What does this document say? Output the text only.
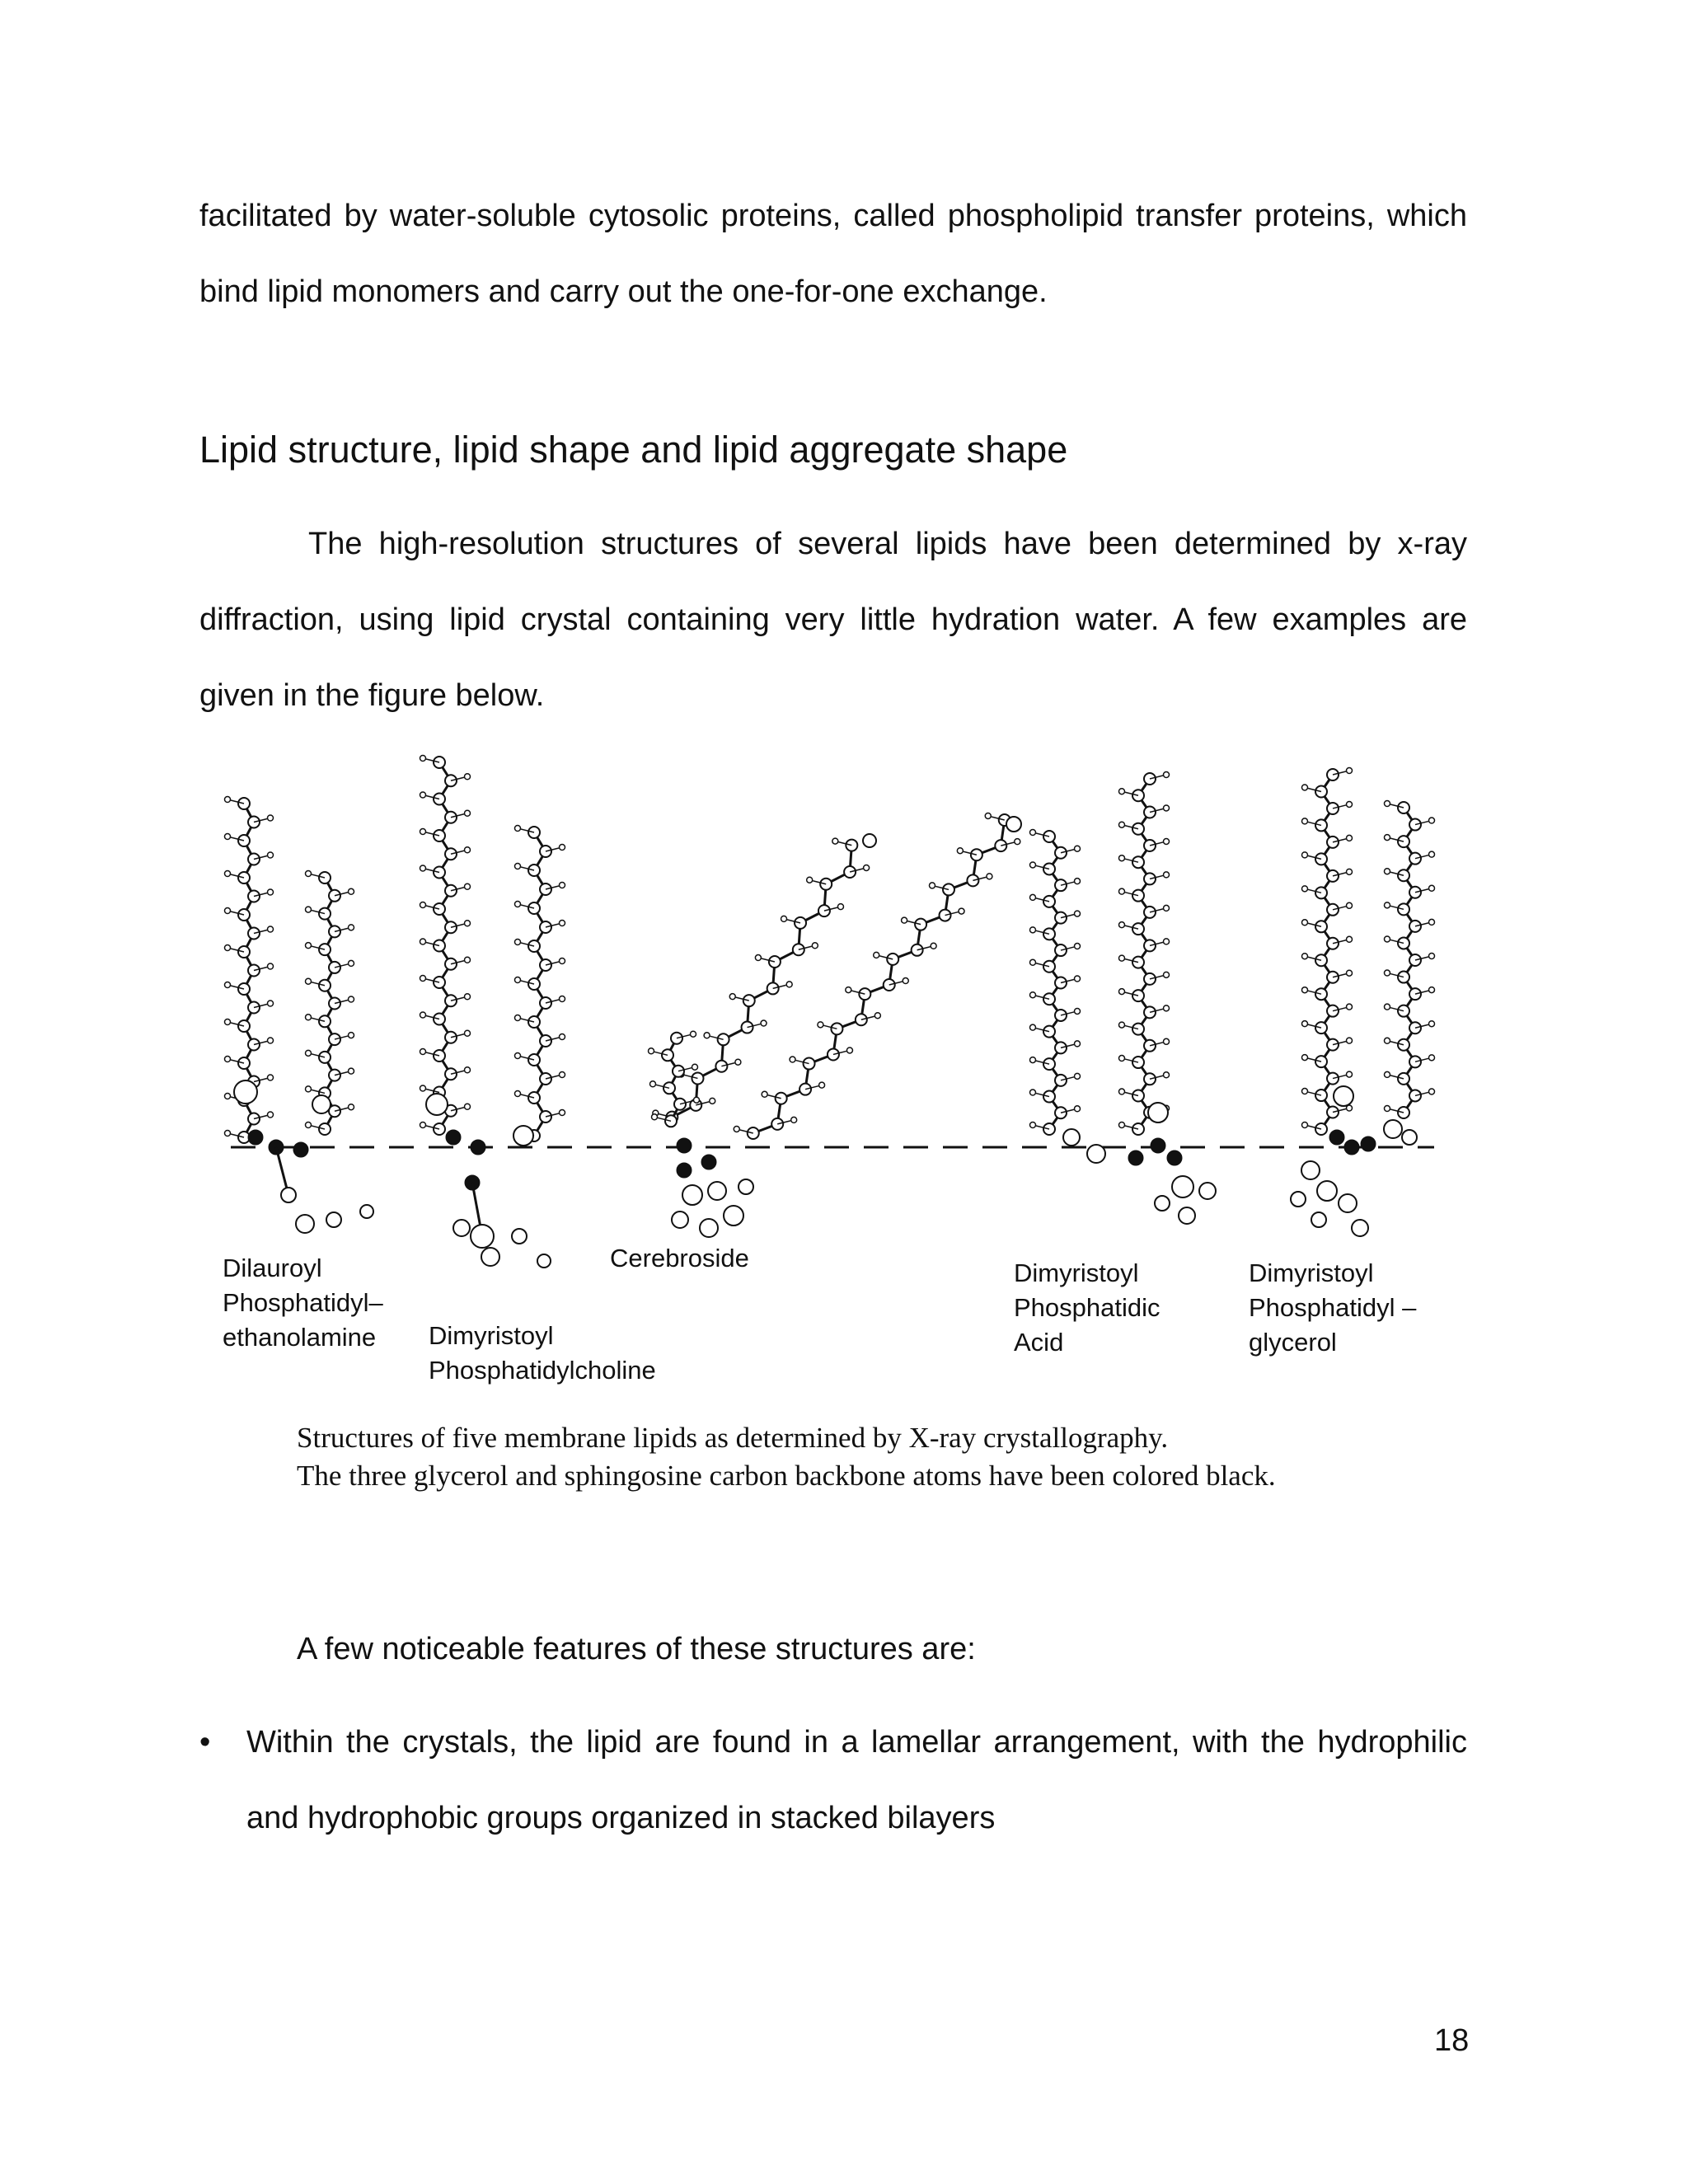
facilitated by water-soluble cytosolic proteins, called phospholipid transfer proteins, which bind lipid monomers and carry out the one-for-one exchange.

Lipid structure, lipid shape and lipid aggregate shape

The high-resolution structures of several lipids have been determined by x-ray diffraction, using lipid crystal containing very little hydration water. A few examples are given in the figure below.

Dilauroyl
Phosphatidyl–
ethanolamine Dimyristoyl
Phosphatidylcholine
Cerebroside
Dimyristoyl
Phosphatidic
Acid
Dimyristoyl
Phosphatidyl –
glycerol
Structures of five membrane lipids as determined by X-ray crystallography.
The three glycerol and sphingosine carbon backbone atoms have been colored black.
A few noticeable features of these structures are:
• Within the crystals, the lipid are found in a lamellar arrangement, with the hydrophilic and hydrophobic groups organized in stacked bilayers

18
